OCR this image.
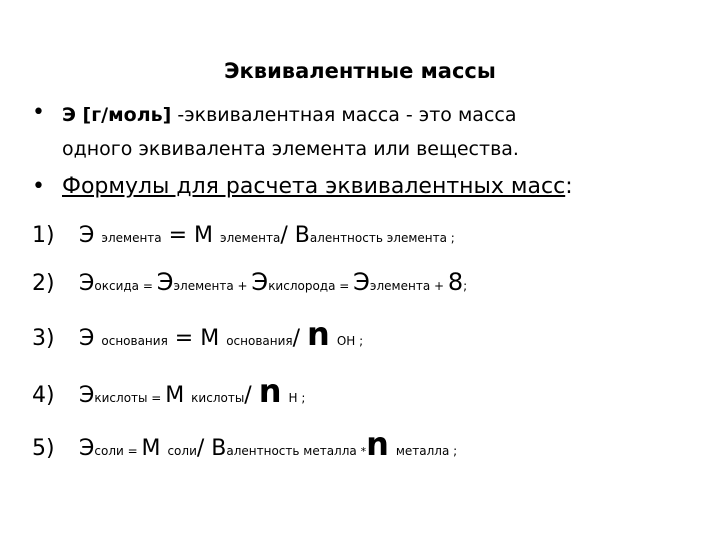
Эквивалентные массы
• Э [г/моль] -эквивалентная масса - это масса
одного эквивалента элемента или вещества.
• Формулы для расчета эквивалентных масс:
1) Э элемента = M элемента/ Валентность элемента ;
2) Эоксида = Ээлемента + Экислорода = Ээлемента + 8;
3) Э основания = M основания/ n OH ;
4) Экислоты = M кислоты/ n H ;
5) Эсоли = M соли/ Валентность металла *n металла ;
